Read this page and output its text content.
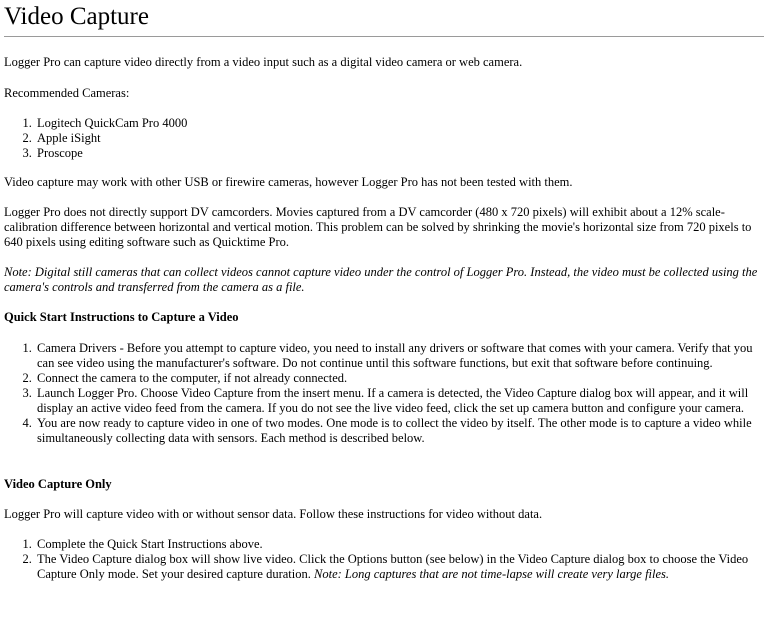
Video Capture

Logger Pro can capture video directly from a video input such as a digital video camera or web camera.

Recommended Cameras:

1. Logitech QuickCam Pro 4000
2. Apple iSight
3. Proscope

Video capture may work with other USB or firewire cameras, however Logger Pro has not been tested with them.

Logger Pro does not directly support DV camcorders. Movies captured from a DV camcorder (480 x 720 pixels) will exhibit about a 12% scale-calibration difference between horizontal and vertical motion. This problem can be solved by shrinking the movie's horizontal size from 720 pixels to 640 pixels using editing software such as Quicktime Pro.

Note: Digital still cameras that can collect videos cannot capture video under the control of Logger Pro. Instead, the video must be collected using the camera's controls and transferred from the camera as a file.

Quick Start Instructions to Capture a Video
1. Camera Drivers - Before you attempt to capture video, you need to install any drivers or software that comes with your camera. Verify that you can see video using the manufacturer's software. Do not continue until this software functions, but exit that software before continuing.
2. Connect the camera to the computer, if not already connected.
3. Launch Logger Pro. Choose Video Capture from the insert menu. If a camera is detected, the Video Capture dialog box will appear, and it will display an active video feed from the camera. If you do not see the live video feed, click the set up camera button and configure your camera.
4. You are now ready to capture video in one of two modes. One mode is to collect the video by itself. The other mode is to capture a video while simultaneously collecting data with sensors. Each method is described below.
Video Capture Only

Logger Pro will capture video with or without sensor data. Follow these instructions for video without data.

1. Complete the Quick Start Instructions above.
2. The Video Capture dialog box will show live video. Click the Options button (see below) in the Video Capture dialog box to choose the Video Capture Only mode. Set your desired capture duration. Note: Long captures that are not time-lapse will create very large files.
